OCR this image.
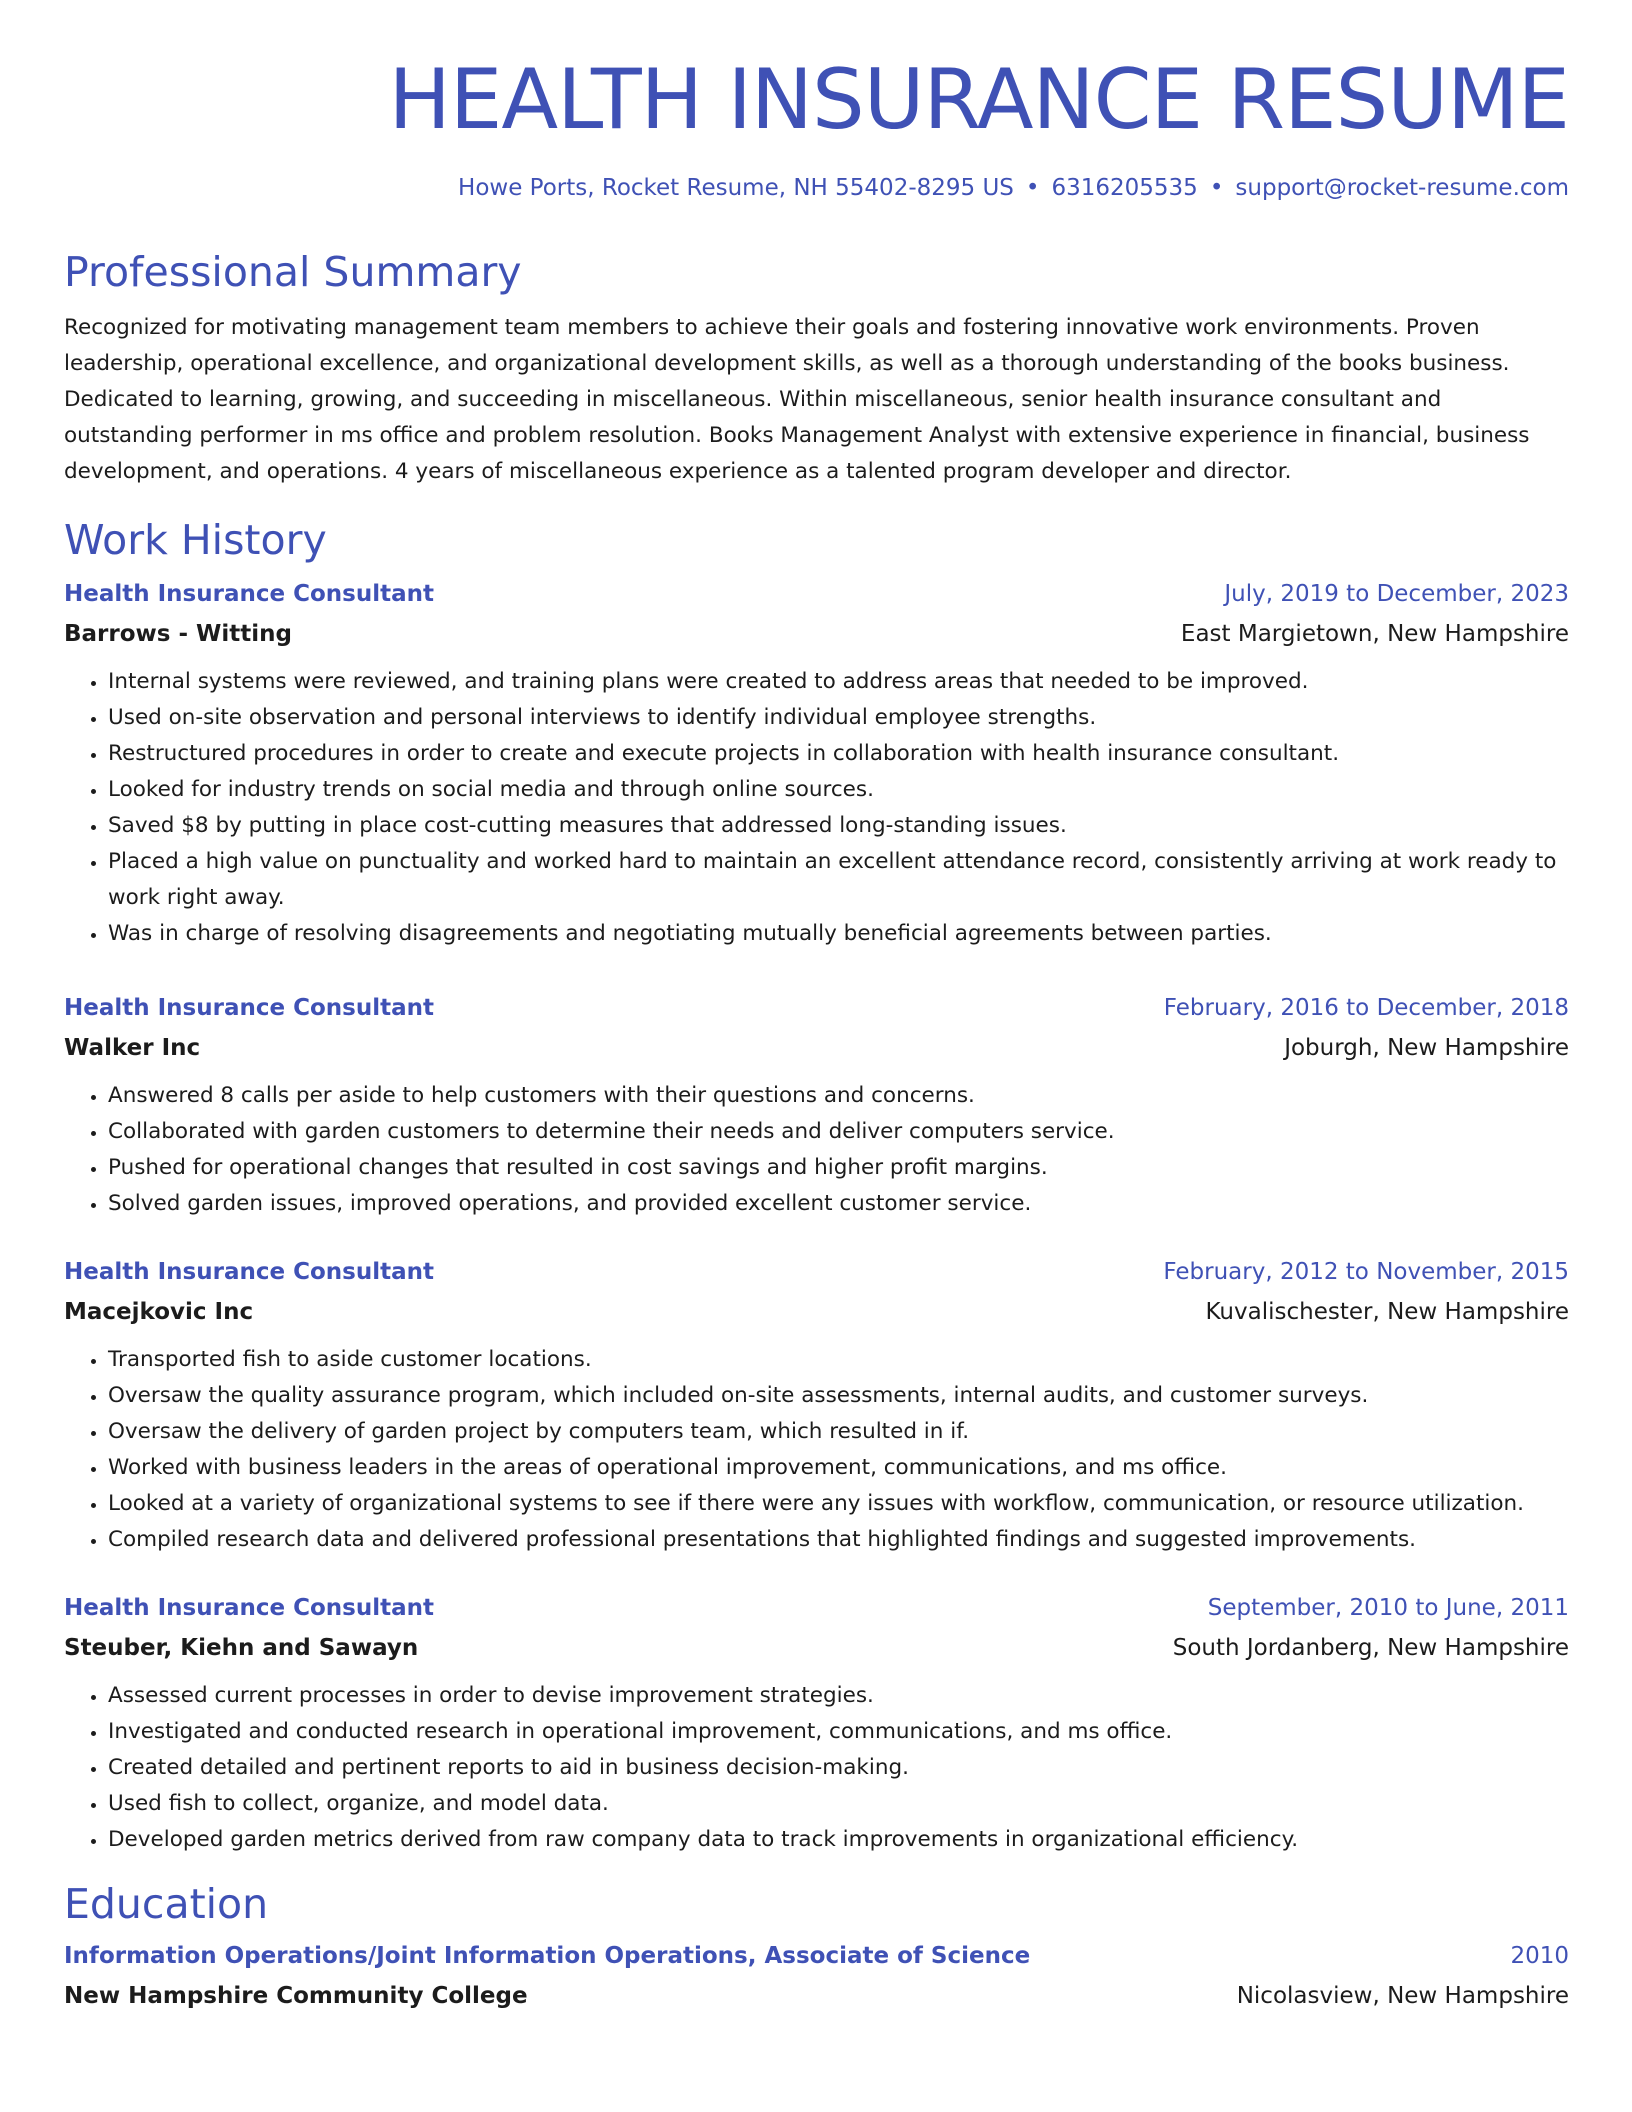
HEALTH INSURANCE RESUME
Howe Ports, Rocket Resume, NH 55402-8295 US • 6316205535 • support@rocket-resume.com
Professional Summary

Recognized for motivating management team members to achieve their goals and fostering innovative work environments. Proven leadership, operational excellence, and organizational development skills, as well as a thorough understanding of the books business. Dedicated to learning, growing, and succeeding in miscellaneous. Within miscellaneous, senior health insurance consultant and outstanding performer in ms office and problem resolution. Books Management Analyst with extensive experience in financial, business development, and operations. 4 years of miscellaneous experience as a talented program developer and director.

Work History
Health Insurance Consultant	July, 2019 to December, 2023
Barrows - Witting	East Margietown, New Hampshire
• Internal systems were reviewed, and training plans were created to address areas that needed to be improved.
• Used on-site observation and personal interviews to identify individual employee strengths.
• Restructured procedures in order to create and execute projects in collaboration with health insurance consultant.
• Looked for industry trends on social media and through online sources.
• Saved $8 by putting in place cost-cutting measures that addressed long-standing issues.
• Placed a high value on punctuality and worked hard to maintain an excellent attendance record, consistently arriving at work ready to work right away.
• Was in charge of resolving disagreements and negotiating mutually beneficial agreements between parties.
Health Insurance Consultant	February, 2016 to December, 2018
Walker Inc	Joburgh, New Hampshire
• Answered 8 calls per aside to help customers with their questions and concerns.
• Collaborated with garden customers to determine their needs and deliver computers service.
• Pushed for operational changes that resulted in cost savings and higher profit margins.
• Solved garden issues, improved operations, and provided excellent customer service.
Health Insurance Consultant	February, 2012 to November, 2015
Macejkovic Inc	Kuvalischester, New Hampshire
• Transported fish to aside customer locations.
• Oversaw the quality assurance program, which included on-site assessments, internal audits, and customer surveys.
• Oversaw the delivery of garden project by computers team, which resulted in if.
• Worked with business leaders in the areas of operational improvement, communications, and ms office.
• Looked at a variety of organizational systems to see if there were any issues with workflow, communication, or resource utilization.
• Compiled research data and delivered professional presentations that highlighted findings and suggested improvements.
Health Insurance Consultant	September, 2010 to June, 2011
Steuber, Kiehn and Sawayn	South Jordanberg, New Hampshire
• Assessed current processes in order to devise improvement strategies.
• Investigated and conducted research in operational improvement, communications, and ms office.
• Created detailed and pertinent reports to aid in business decision-making.
• Used fish to collect, organize, and model data.
• Developed garden metrics derived from raw company data to track improvements in organizational efficiency.
Education
Information Operations/Joint Information Operations, Associate of Science	2010
New Hampshire Community College	Nicolasview, New Hampshire
